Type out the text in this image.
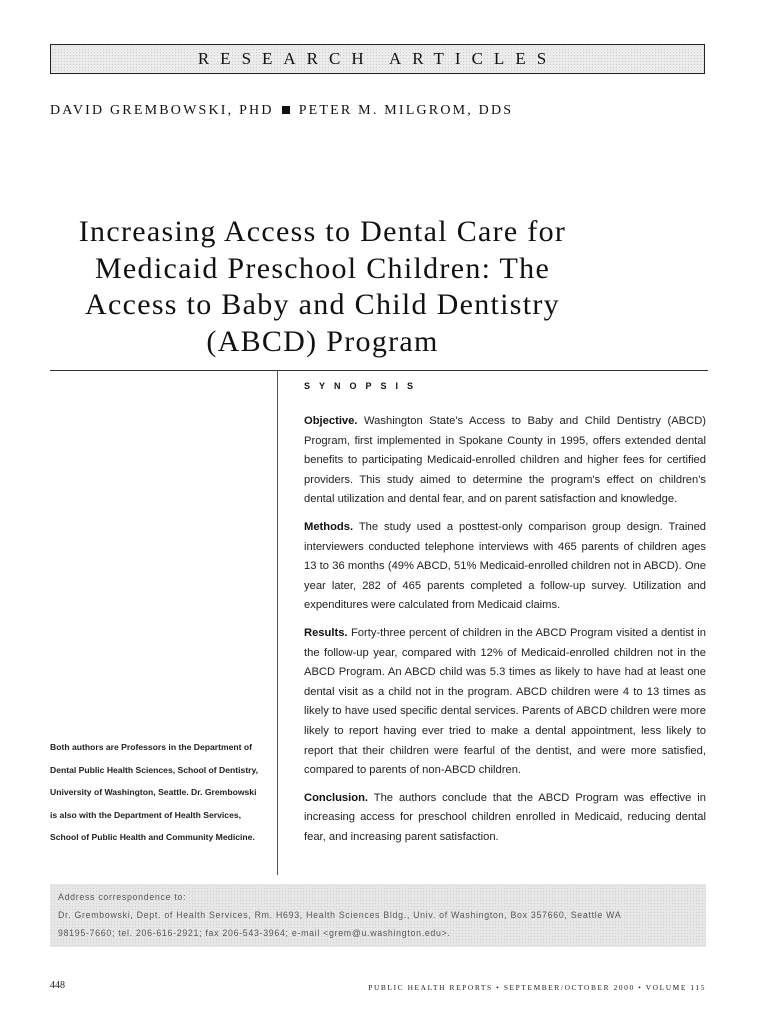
RESEARCH ARTICLES
DAVID GREMBOWSKI, PHD PETER M. MILGROM, DDS
Increasing Access to Dental Care for Medicaid Preschool Children: The Access to Baby and Child Dentistry (ABCD) Program
SYNOPSIS

Objective. Washington State's Access to Baby and Child Dentistry (ABCD) Program, first implemented in Spokane County in 1995, offers extended dental benefits to participating Medicaid-enrolled children and higher fees for certified providers. This study aimed to determine the program's effect on children's dental utilization and dental fear, and on parent satisfaction and knowledge.

Methods. The study used a posttest-only comparison group design. Trained interviewers conducted telephone interviews with 465 parents of children ages 13 to 36 months (49% ABCD, 51% Medicaid-enrolled children not in ABCD). One year later, 282 of 465 parents completed a follow-up survey. Utilization and expenditures were calculated from Medicaid claims.

Results. Forty-three percent of children in the ABCD Program visited a dentist in the follow-up year, compared with 12% of Medicaid-enrolled children not in the ABCD Program. An ABCD child was 5.3 times as likely to have had at least one dental visit as a child not in the program. ABCD children were 4 to 13 times as likely to have used specific dental services. Parents of ABCD children were more likely to report having ever tried to make a dental appointment, less likely to report that their children were fearful of the dentist, and were more satisfied, compared to parents of non-ABCD children.

Conclusion. The authors conclude that the ABCD Program was effective in increasing access for preschool children enrolled in Medicaid, reducing dental fear, and increasing parent satisfaction.

Both authors are Professors in the Department of Dental Public Health Sciences, School of Dentistry, University of Washington, Seattle. Dr. Grembowski is also with the Department of Health Services, School of Public Health and Community Medicine.
Address correspondence to:
Dr. Grembowski, Dept. of Health Services, Rm. H693, Health Sciences Bldg., Univ. of Washington, Box 357660, Seattle WA
98195-7660; tel. 206-616-2921; fax 206-543-3964; e-mail <grem@u.washington.edu>.
448	PUBLIC HEALTH REPORTS • SEPTEMBER/OCTOBER 2000 • VOLUME 115
